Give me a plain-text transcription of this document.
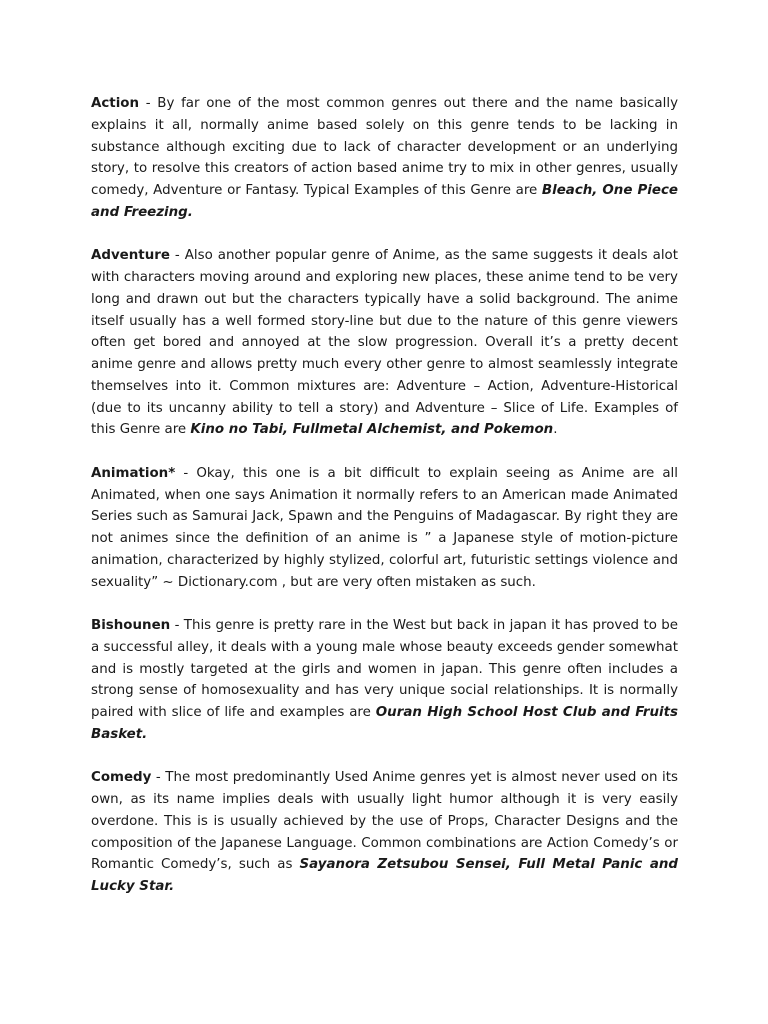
Action - By far one of the most common genres out there and the name basically explains it all, normally anime based solely on this genre tends to be lacking in substance although exciting due to lack of character development or an underlying story, to resolve this creators of action based anime try to mix in other genres, usually comedy, Adventure or Fantasy. Typical Examples of this Genre are Bleach, One Piece and Freezing.

Adventure - Also another popular genre of Anime, as the same suggests it deals alot with characters moving around and exploring new places, these anime tend to be very long and drawn out but the characters typically have a solid background. The anime itself usually has a well formed story-line but due to the nature of this genre viewers often get bored and annoyed at the slow progression. Overall it’s a pretty decent anime genre and allows pretty much every other genre to almost seamlessly integrate themselves into it. Common mixtures are: Adventure – Action, Adventure-Historical (due to its uncanny ability to tell a story) and Adventure – Slice of Life. Examples of this Genre are Kino no Tabi, Fullmetal Alchemist, and Pokemon.

Animation* - Okay, this one is a bit difficult to explain seeing as Anime are all Animated, when one says Animation it normally refers to an American made Animated Series such as Samurai Jack, Spawn and the Penguins of Madagascar. By right they are not animes since the definition of an anime is ” a Japanese style of motion-picture animation, characterized by highly stylized, colorful art, futuristic settings violence and sexuality” ~ Dictionary.com , but are very often mistaken as such.

Bishounen - This genre is pretty rare in the West but back in japan it has proved to be a successful alley, it deals with a young male whose beauty exceeds gender somewhat and is mostly targeted at the girls and women in japan. This genre often includes a strong sense of homosexuality and has very unique social relationships. It is normally paired with slice of life and examples are Ouran High School Host Club and Fruits Basket.

Comedy - The most predominantly Used Anime genres yet is almost never used on its own, as its name implies deals with usually light humor although it is very easily overdone. This is is usually achieved by the use of Props, Character Designs and the composition of the Japanese Language. Common combinations are Action Comedy’s or Romantic Comedy’s, such as Sayanora Zetsubou Sensei, Full Metal Panic and Lucky Star.
